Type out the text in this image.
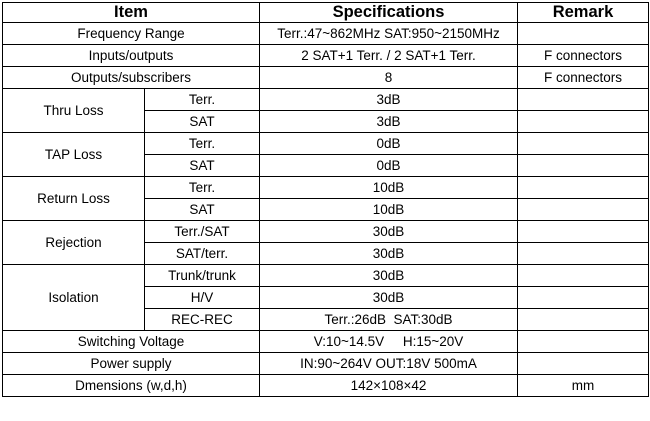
Item		Specifications	Remark
Frequency Range		Terr.:47~862MHz SAT:950~2150MHz	
Inputs/outputs		2 SAT+1 Terr. / 2 SAT+1 Terr.	F connectors
Outputs/subscribers		8	F connectors
Thru Loss	Terr.	3dB	
	SAT	3dB	
TAP Loss	Terr.	0dB	
	SAT	0dB	
Return Loss	Terr.	10dB	
	SAT	10dB	
Rejection	Terr./SAT	30dB	
	SAT/terr.	30dB	
Isolation	Trunk/trunk	30dB	
	H/V	30dB	
	REC-REC	Terr.:26dB  SAT:30dB	
Switching Voltage		V:10~14.5V     H:15~20V	
Power supply		IN:90~264V OUT:18V 500mA	
Dmensions (w,d,h)		142×108×42	mm
